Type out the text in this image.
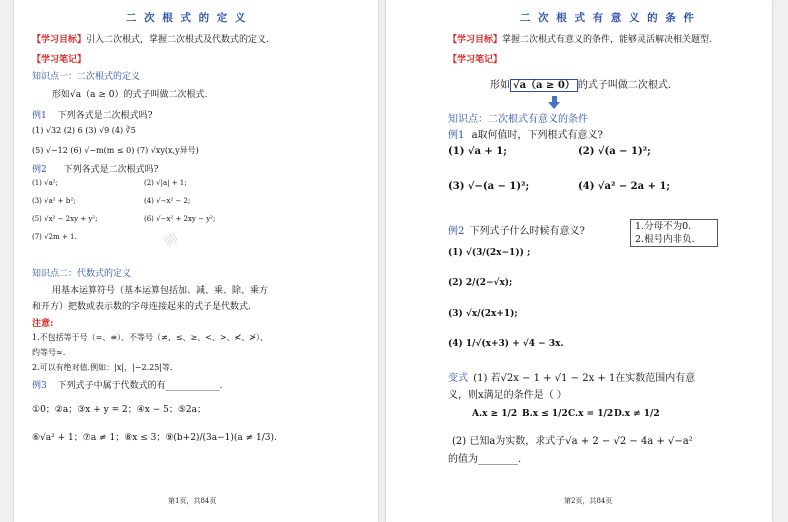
二 次 根 式 的 定 义
【学习目标】引入二次根式，掌握二次根式及代数式的定义.
【学习笔记】
知识点一：二次根式的定义
形如√a（a ≥ 0）的式子叫做二次根式.
例1 下列各式是二次根式吗?
(1) √32 (2) 6 (3) √9 (4) ∛5
(5) √−12 (6) √−m(m ≤ 0) (7) √xy(x,y异号)
例2 下列各式是二次根式吗?
(1) √a²;	(2) √|a| + 1;
(3) √a² + b²;	(4) √−x² − 2;
(5) √x² − 2xy + y²;	(6) √−x² + 2xy − y²;
(7) √2m + 1.	帅
知识点二：代数式的定义
用基本运算符号（基本运算包括加、减、乘、除、乘方
和开方）把数或表示数的字母连接起来的式子是代数式.
注意:
1.不包括等于号（=、≡）、不等号（≠、≤、≥、<、>、≮、≯）、
约等号≈.
2.可以有绝对值.例如：|x|，|−2.25|等.
例3 下列式子中属于代数式的有____________.
①0；②a；③x + y = 2；④x − 5；⑤2a；
⑥√a² + 1；⑦a ≠ 1；⑧x ≤ 3；⑨(b+2)/(3a−1)(a ≠ 1/3).
第1页，共84页
二 次 根 式 有 意 义 的 条 件
【学习目标】掌握二次根式有意义的条件，能够灵活解决相关题型.
【学习笔记】
形如 √a（a ≥ 0） 的式子叫做二次根式.
知识点：二次根式有意义的条件
例1 a取何值时，下列根式有意义?
(1) √a + 1;	(2) √(a − 1)²;
(3) √−(a − 1)²;	(4) √a² − 2a + 1;
例2 下列式子什么时候有意义?	1.分母不为0.
2.根号内非负.
(1) √(3/(2x−1)) ;
(2) 2/(2−√x);
(3) √x/(2x+1);
(4) 1/√(x+3) + √4 − 3x.
变式 (1) 若√2x − 1 + √1 − 2x + 1在实数范围内有意
义，则x满足的条件是（ ）
A.x ≥ 1/2 B.x ≤ 1/2 C.x = 1/2 D.x ≠ 1/2
(2) 已知a为实数，求式子√a + 2 − √2 − 4a + √−a²
的值为________.
第2页，共84页
